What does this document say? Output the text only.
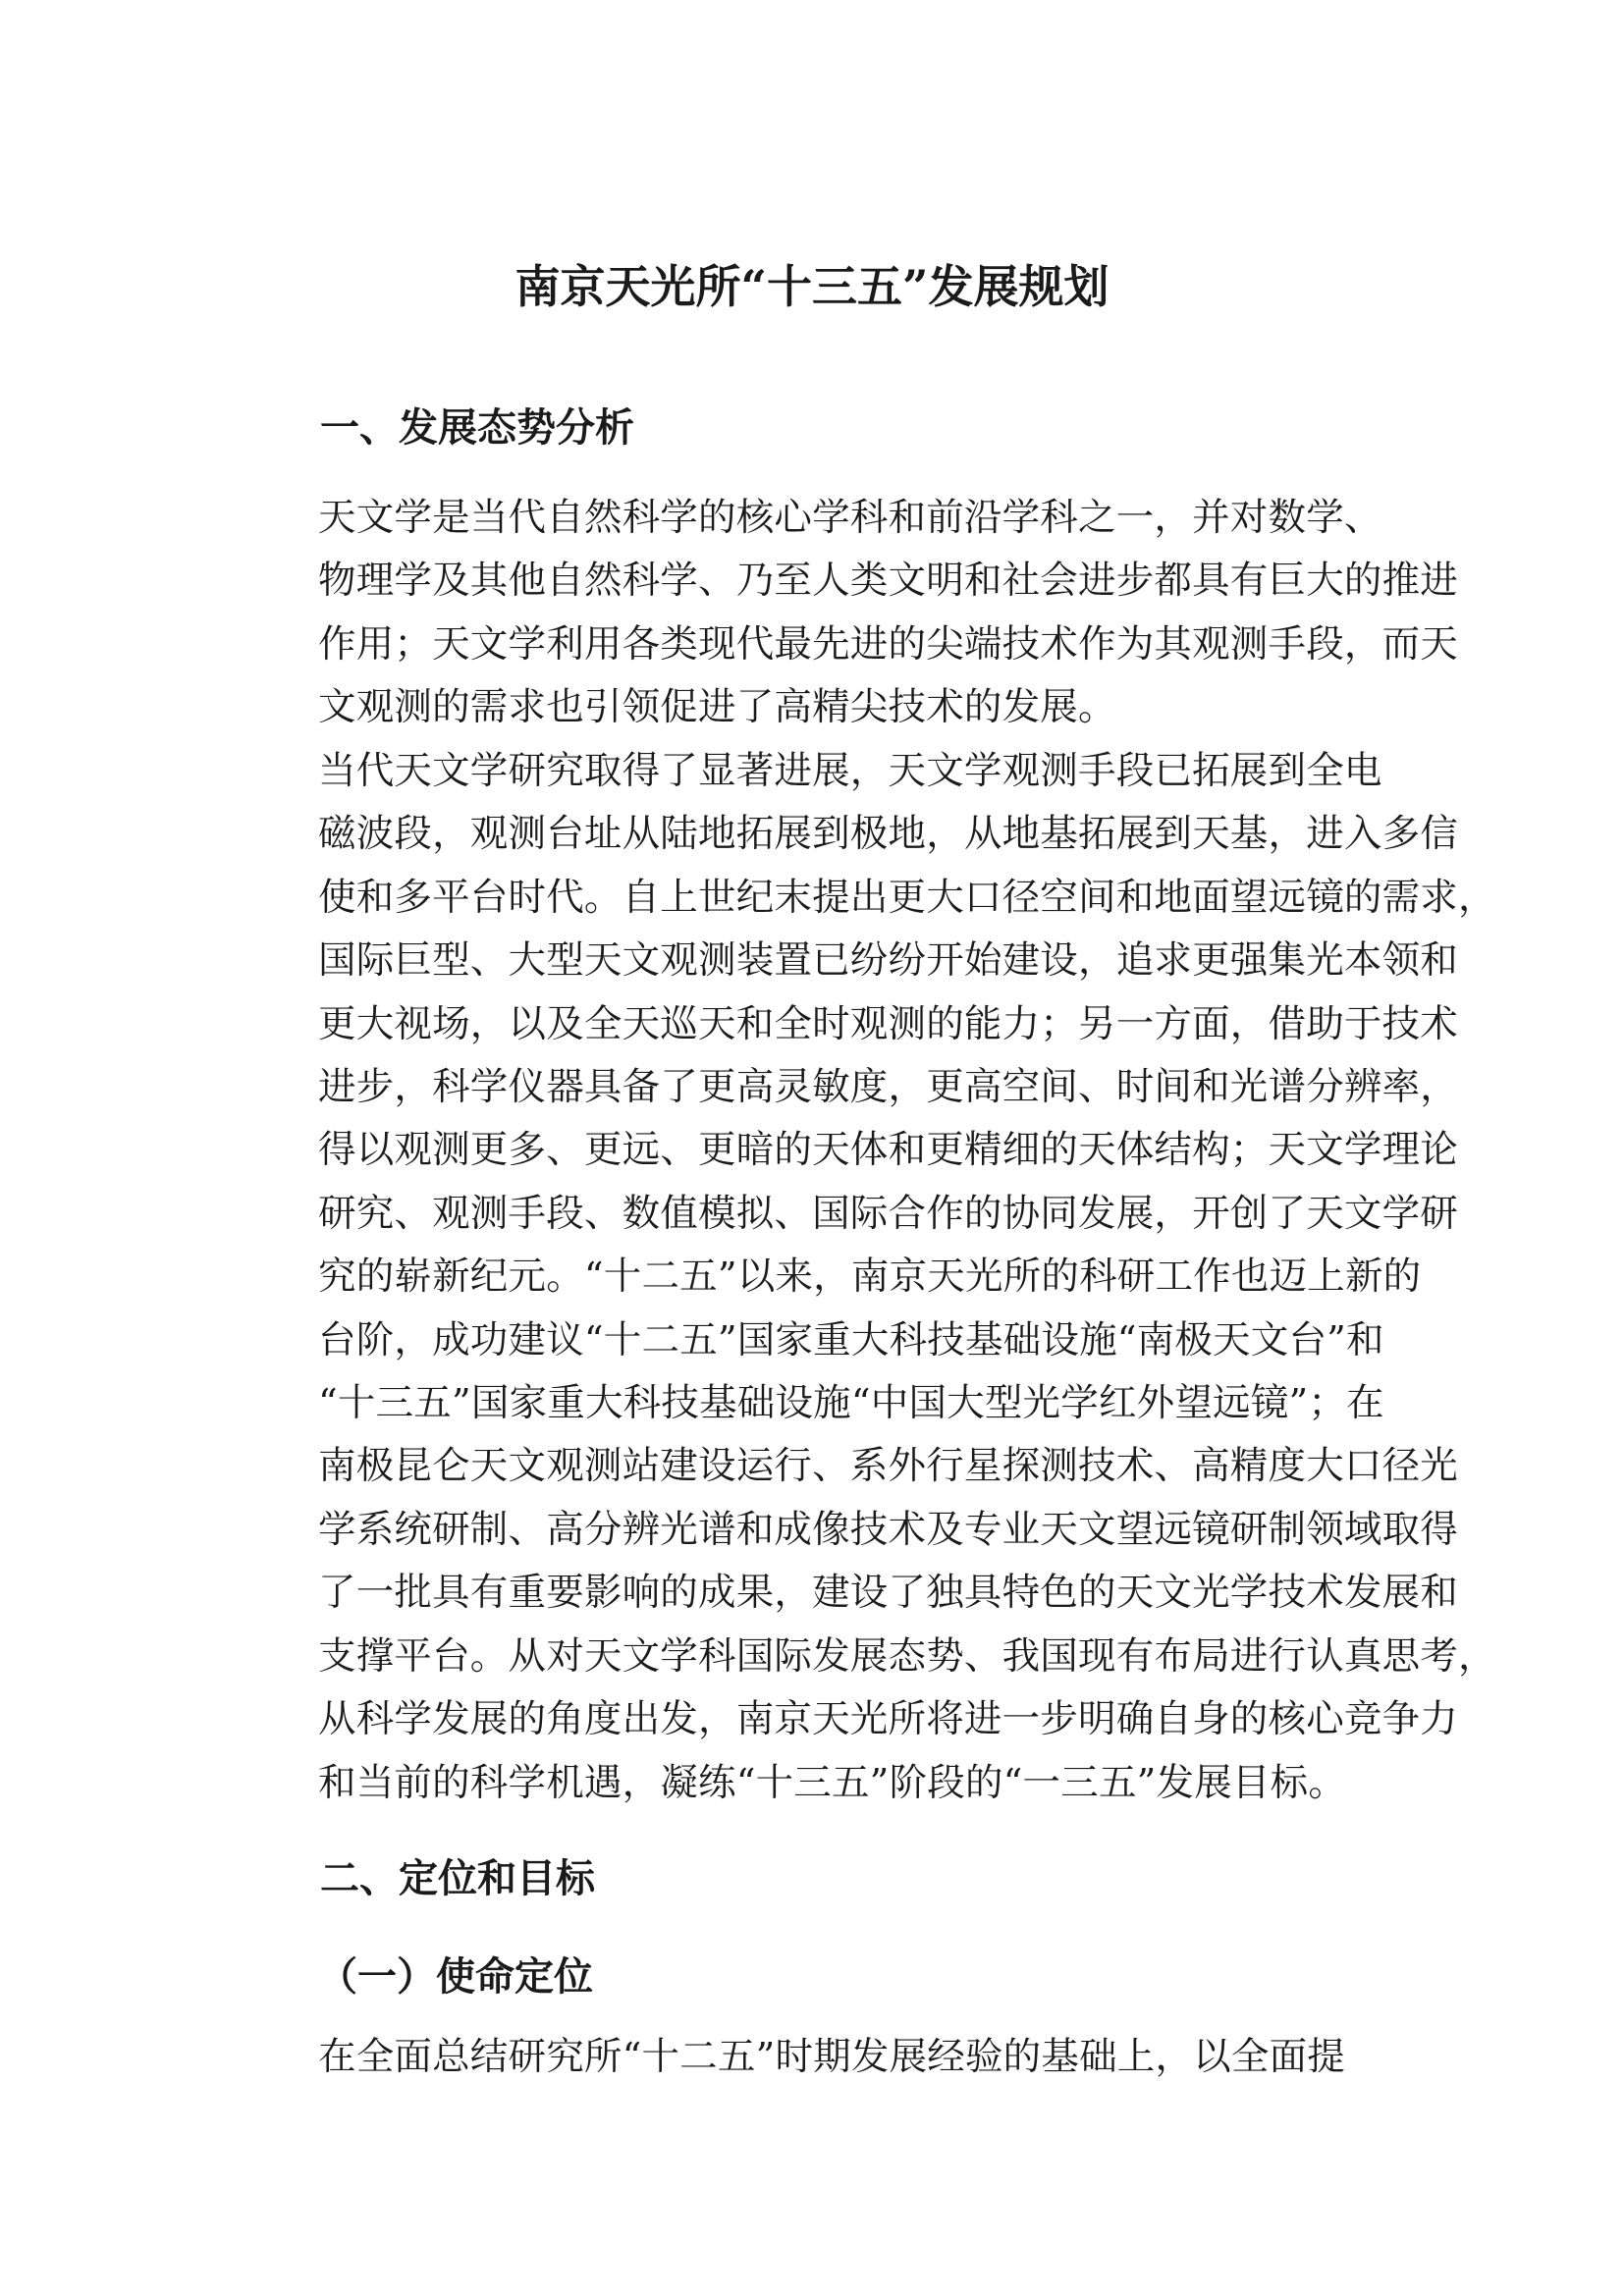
南京天光所“十三五”发展规划
一、发展态势分析

天文学是当代自然科学的核心学科和前沿学科之一，并对数学、
物理学及其他自然科学、乃至人类文明和社会进步都具有巨大的推进
作用；天文学利用各类现代最先进的尖端技术作为其观测手段，而天
文观测的需求也引领促进了高精尖技术的发展。

当代天文学研究取得了显著进展，天文学观测手段已拓展到全电
磁波段，观测台址从陆地拓展到极地，从地基拓展到天基，进入多信
使和多平台时代。自上世纪末提出更大口径空间和地面望远镜的需求，
国际巨型、大型天文观测装置已纷纷开始建设，追求更强集光本领和
更大视场，以及全天巡天和全时观测的能力；另一方面，借助于技术
进步，科学仪器具备了更高灵敏度，更高空间、时间和光谱分辨率，
得以观测更多、更远、更暗的天体和更精细的天体结构；天文学理论
研究、观测手段、数值模拟、国际合作的协同发展，开创了天文学研
究的崭新纪元。“十二五”以来，南京天光所的科研工作也迈上新的
台阶，成功建议“十二五”国家重大科技基础设施“南极天文台”和
“十三五”国家重大科技基础设施“中国大型光学红外望远镜”；在
南极昆仑天文观测站建设运行、系外行星探测技术、高精度大口径光
学系统研制、高分辨光谱和成像技术及专业天文望远镜研制领域取得
了一批具有重要影响的成果，建设了独具特色的天文光学技术发展和
支撑平台。从对天文学科国际发展态势、我国现有布局进行认真思考，
从科学发展的角度出发，南京天光所将进一步明确自身的核心竞争力
和当前的科学机遇，凝练“十三五”阶段的“一三五”发展目标。

二、定位和目标
（一）使命定位

在全面总结研究所“十二五”时期发展经验的基础上，以全面提
